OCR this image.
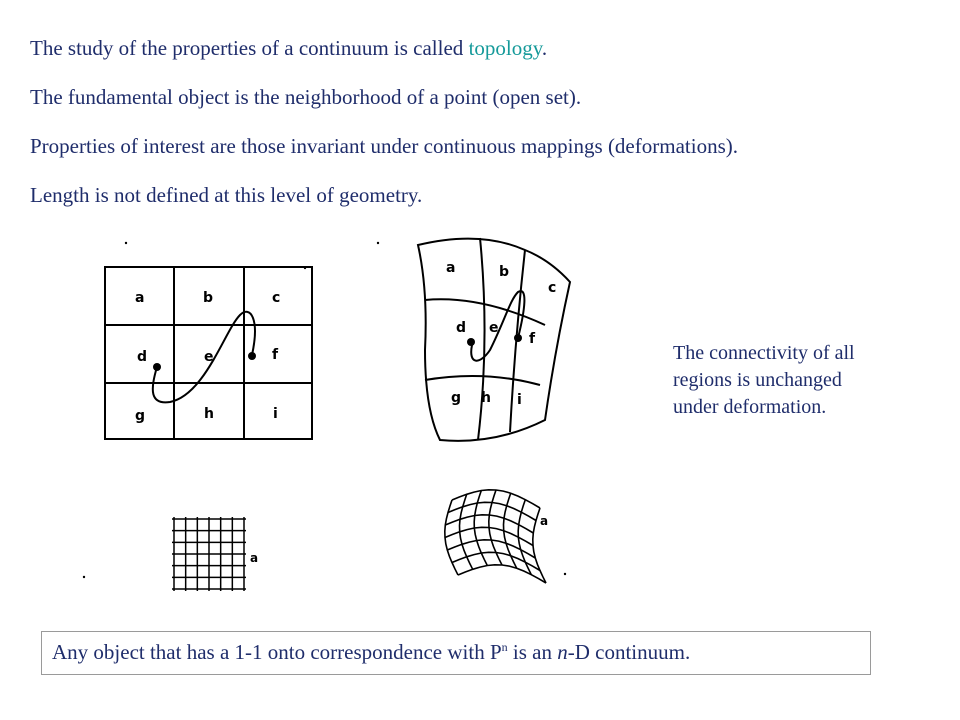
The study of the properties of a continuum is called topology.
The fundamental object is the neighborhood of a point (open set).
Properties of interest are those invariant under continuous mappings (deformations).
Length is not defined at this level of geometry.
a	b	c
d	e	f
g	h	i
a	b
c
d e
f
g h i
a
a
The connectivity of all
regions is unchanged
under deformation.
Any object that has a 1-1 onto correspondence with $P^n$ is an n-D continuum.
